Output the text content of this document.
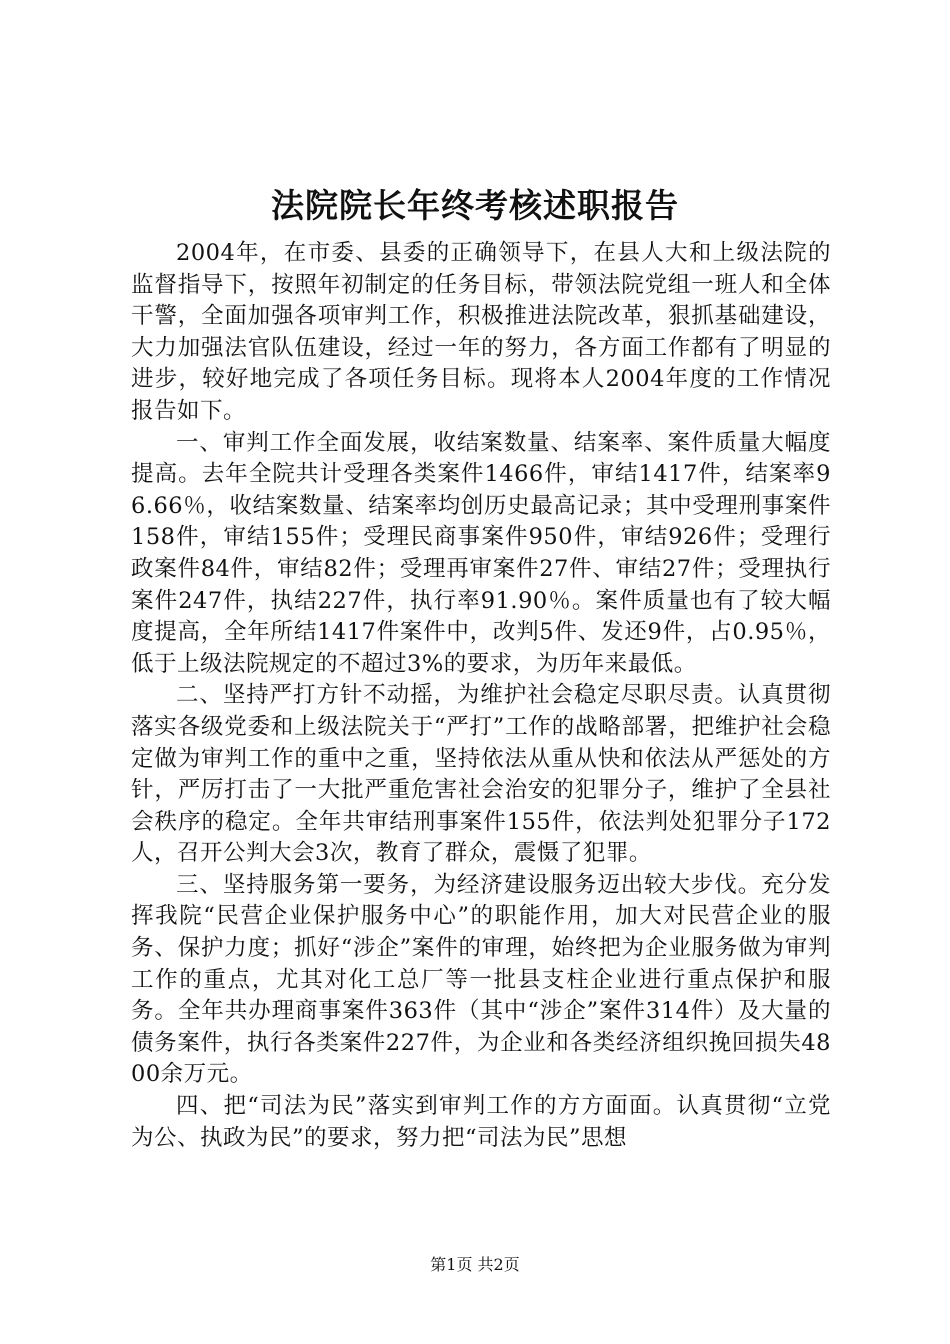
法院院长年终考核述职报告

2004年，在市委、县委的正确领导下，在县人大和上级法院的监督指导下，按照年初制定的任务目标，带领法院党组一班人和全体干警，全面加强各项审判工作，积极推进法院改革，狠抓基础建设，大力加强法官队伍建设，经过一年的努力，各方面工作都有了明显的进步，较好地完成了各项任务目标。现将本人2004年度的工作情况报告如下。

一、审判工作全面发展，收结案数量、结案率、案件质量大幅度提高。去年全院共计受理各类案件1466件，审结1417件，结案率96.66％，收结案数量、结案率均创历史最高记录；其中受理刑事案件158件，审结155件；受理民商事案件950件，审结926件；受理行政案件84件，审结82件；受理再审案件27件、审结27件；受理执行案件247件，执结227件，执行率91.90％。案件质量也有了较大幅度提高，全年所结1417件案件中，改判5件、发还9件，占0.95％，低于上级法院规定的不超过3%的要求，为历年来最低。

二、坚持严打方针不动摇，为维护社会稳定尽职尽责。认真贯彻落实各级党委和上级法院关于“严打”工作的战略部署，把维护社会稳定做为审判工作的重中之重，坚持依法从重从快和依法从严惩处的方针，严厉打击了一大批严重危害社会治安的犯罪分子，维护了全县社会秩序的稳定。全年共审结刑事案件155件，依法判处犯罪分子172人，召开公判大会3次，教育了群众，震慑了犯罪。

三、坚持服务第一要务，为经济建设服务迈出较大步伐。充分发挥我院“民营企业保护服务中心”的职能作用，加大对民营企业的服务、保护力度；抓好“涉企”案件的审理，始终把为企业服务做为审判工作的重点，尤其对化工总厂等一批县支柱企业进行重点保护和服务。全年共办理商事案件363件（其中“涉企”案件314件）及大量的债务案件，执行各类案件227件，为企业和各类经济组织挽回损失4800余万元。

四、把“司法为民”落实到审判工作的方方面面。认真贯彻“立党为公、执政为民”的要求，努力把“司法为民”思想

第1页 共2页
